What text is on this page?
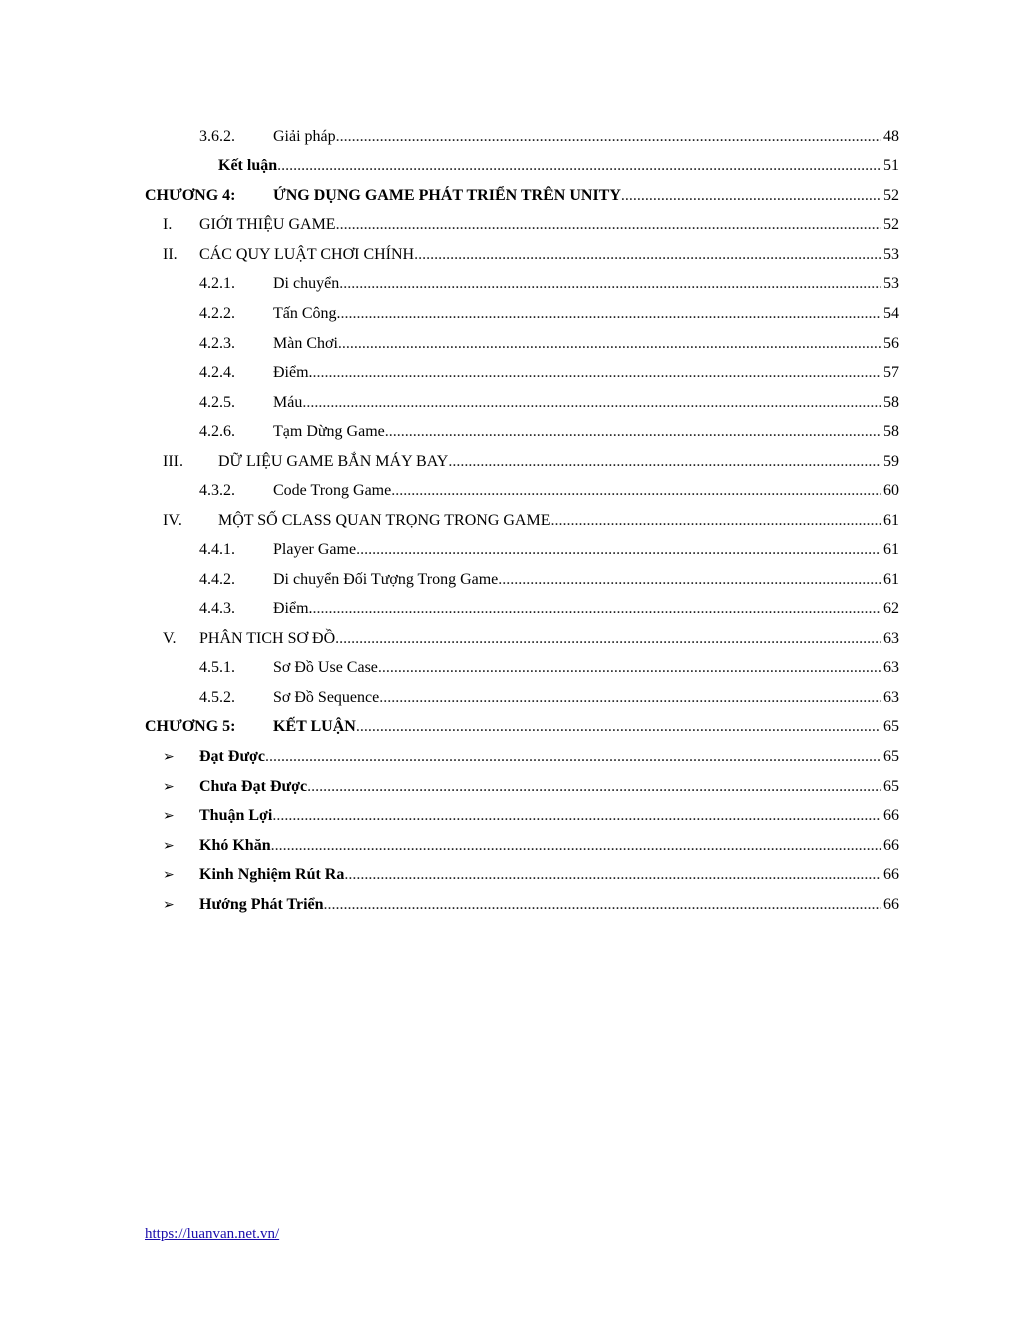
3.6.2. Giải pháp .....	48
Kết luận .....	51
CHƯƠNG 4: ỨNG DỤNG GAME PHÁT TRIỂN TRÊN UNITY .....	52
I. GIỚI THIỆU GAME .....	52
II. CÁC QUY LUẬT CHƠI CHÍNH .....	53
4.2.1. Di chuyển .....	53
4.2.2. Tấn Công. .....	54
4.2.3. Màn Chơi .....	56
4.2.4. Điểm. .....	57
4.2.5. Máu .....	58
4.2.6. Tạm Dừng Game .....	58
III. DỮ LIỆU GAME BẮN MÁY BAY .....	59
4.3.2. Code Trong Game .....	60
IV. MỘT SỐ CLASS QUAN TRỌNG TRONG GAME .....	61
4.4.1. Player Game .....	61
4.4.2. Di chuyển Đối Tượng Trong Game .....	61
4.4.3. Điểm. .....	62
V. PHÂN TICH SƠ ĐỒ .....	63
4.5.1. Sơ Đồ Use Case .....	63
4.5.2. Sơ Đồ Sequence .....	63
CHƯƠNG 5: KẾT LUẬN .....	65
➢ Đạt Được .....	65
➢ Chưa Đạt Được .....	65
➢ Thuận Lợi .....	66
➢ Khó Khăn .....	66
➢ Kinh Nghiệm Rút Ra .....	66
➢ Hướng Phát Triển .....	66
https://luanvan.net.vn/
